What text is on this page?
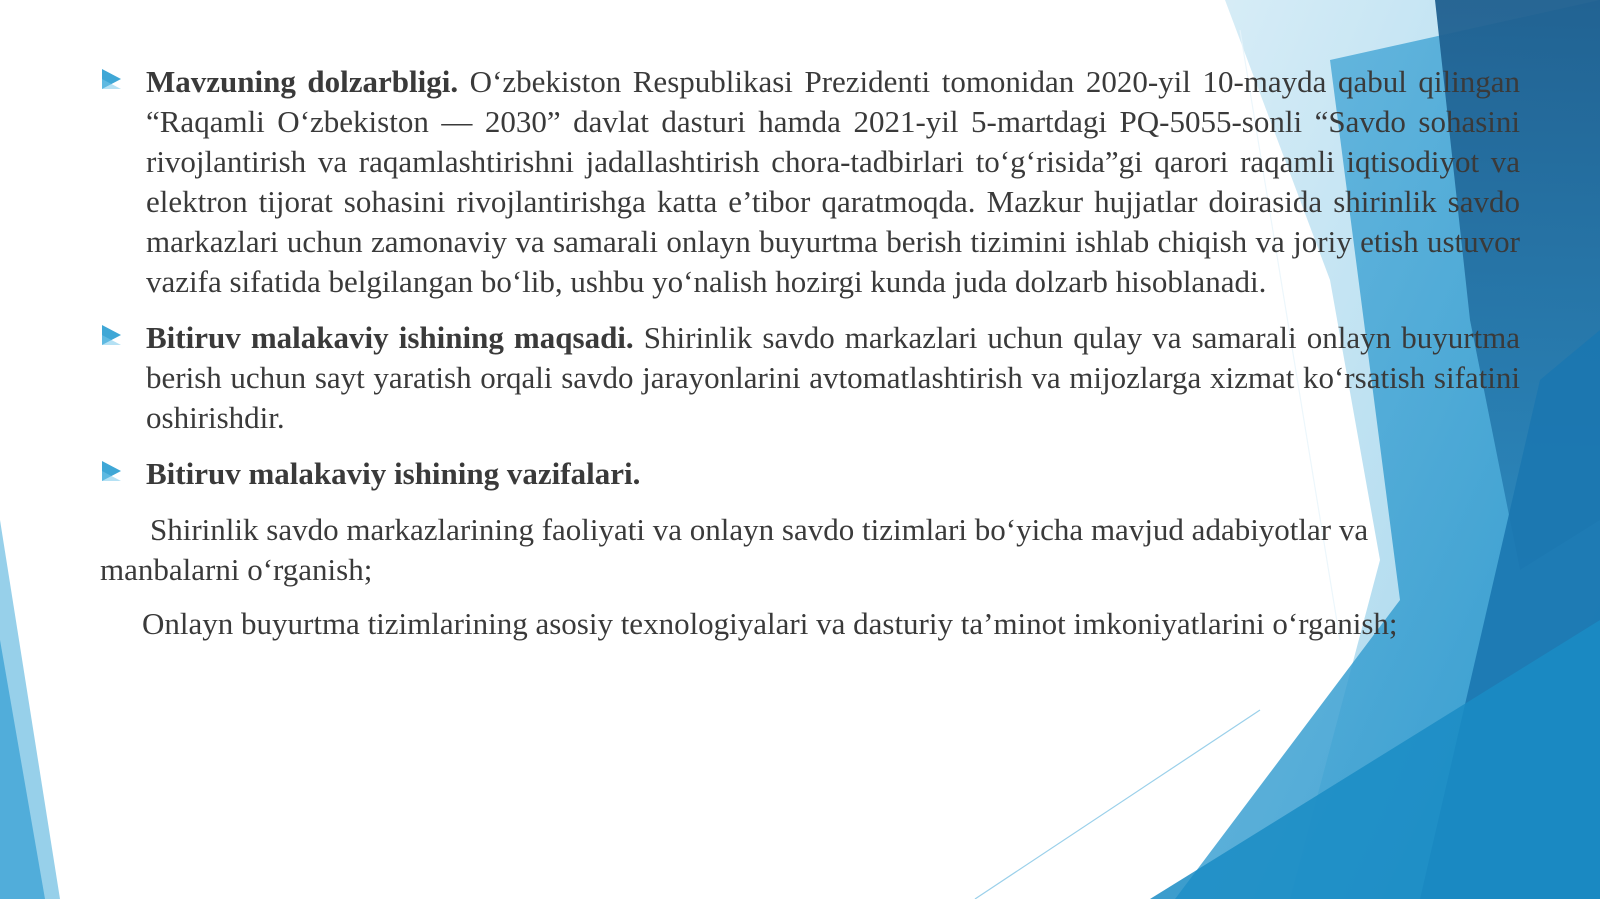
Mavzuning dolzarbligi. O‘zbekiston Respublikasi Prezidenti tomonidan 2020-yil 10-mayda qabul qilingan “Raqamli O‘zbekiston — 2030” davlat dasturi hamda 2021-yil 5-martdagi PQ-5055-sonli “Savdo sohasini rivojlantirish va raqamlashtirishni jadallashtirish chora-tadbirlari to‘g‘risida”gi qarori raqamli iqtisodiyot va elektron tijorat sohasini rivojlantirishga katta e’tibor qaratmoqda. Mazkur hujjatlar doirasida shirinlik savdo markazlari uchun zamonaviy va samarali onlayn buyurtma berish tizimini ishlab chiqish va joriy etish ustuvor vazifa sifatida belgilangan bo‘lib, ushbu yo‘nalish hozirgi kunda juda dolzarb hisoblanadi.

Bitiruv malakaviy ishining maqsadi. Shirinlik savdo markazlari uchun qulay va samarali onlayn buyurtma berish uchun sayt yaratish orqali savdo jarayonlarini avtomatlashtirish va mijozlarga xizmat ko‘rsatish sifatini oshirishdir.

Bitiruv malakaviy ishining vazifalari.

Shirinlik savdo markazlarining faoliyati va onlayn savdo tizimlari bo‘yicha mavjud adabiyotlar va manbalarni o‘rganish;

Onlayn buyurtma tizimlarining asosiy texnologiyalari va dasturiy ta’minot imkoniyatlarini o‘rganish;
